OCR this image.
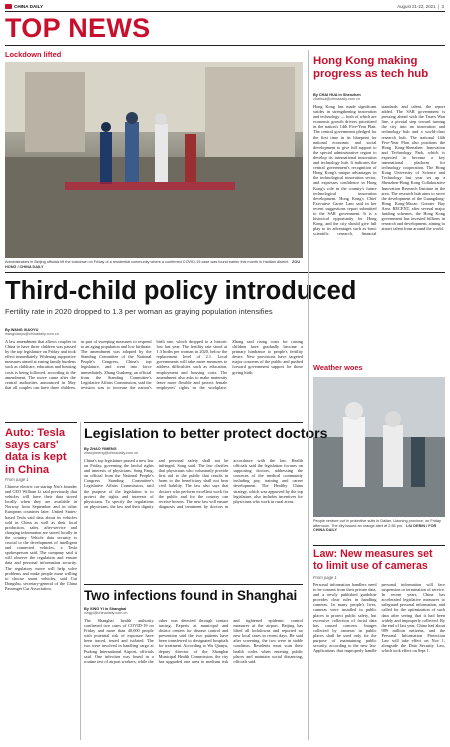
CHINA DAILY	August 21-22, 2021  |  3
TOP NEWS
Lockdown lifted
Administrators in Beijing officials lift the lockdown on Friday of a residential community where a confirmed COVID-19 case was found earlier this month in Haidian district. ZOU HONG / CHINA DAILY
Hong Kong making progress as tech hub
By CHAI HUA in Shenzhen
chaihua@chinadaily.com.cn
Hong Kong has made significant strides in strengthening innovation and technology — both of which are economic growth drivers prioritized in the nation's 14th Five-Year Plan. The central government pledged for the first time in its blueprint for national economic and social development to give full support to the special administrative region to develop its international innovation and technology hub. It indicates the central government's recognition of Hong Kong's unique advantages in the technological innovation sector, and expresses confidence in Hong Kong's role in the country's future technological innovation development. Hong Kong's Chief Executive Carrie Lam said in her recent suggestions report submitted to the SAR government. It is a historical opportunity for Hong Kong, and the city should give full play to its advantages such as basic scientific research, financial standards and talent, the report added. The SAR government is pressing ahead with the Tsuen Wan line, a pivotal step toward turning the city into an innovation and technology hub and a world-class research hub. The national 14th Five-Year Plan also positions the Hong Kong-Shenzhen Innovation and Technology Park, which is expected to become a key international platform for technology cooperation. The Hong Kong University of Science and Technology last year set up a Shenzhen-Hong Kong Collaborative Innovation Research Institute in the area. The research hub aims to serve the development of the Guangdong-Hong Kong-Macao Greater Bay Area. RECENT, after several major funding schemes, the Hong Kong government has invested billions in research and development, aiming to attract talent from around the world.
Weather woes
Third-child policy introduced
Fertility rate in 2020 dropped to 1.3 per woman as graying population intensifies
By WANG XIAOYU
wangxiaoyu@chinadaily.com.cn
A law amendment that allows couples in China to have three children was passed by the top legislature on Friday and took effect immediately. Widening supportive measures aimed at easing family burdens such as childcare, education and housing costs is being followed, according to the amendment. The move came after the central authorities announced in May that all couples can have three children, as part of sweeping measures to respond to an aging population and low birthrate. The amendment was adopted by the Standing Committee of the National People's Congress, China's top legislature, and went into force immediately. Zhang Gusheng, an official from the Standing Committee's Legislative Affairs Commission, said the revision was to increase the nation's birth rate, which dropped to a historic low last year. The fertility rate stood at 1.3 births per woman in 2020, below the replacement level of 2.1. Local governments will take more measures to address difficulties such as education, employment and housing costs. The amendment also asks to make maternity leave more flexible and protect female employees' rights in the workplace. Zhang said rising costs for raising children have gradually become a primary hindrance to people's fertility desire. New provisions have targeted major concerns of the public and pushed forward government support for those giving birth.
Auto: Tesla says cars' data is kept in China
From page 1
Chinese electric car startup Nio's founder and CEO William Li said previously that vehicles will have their data stored locally when they are available in Norway from September and in other European countries later. United States-based Tesla said data about its vehicles sold in China as well as their local production, sales, after-service and charging information are stored locally in the country. Vehicle data security is crucial to the development of intelligent and connected vehicles, a Tesla spokesperson said. The company said it will observe the regulation and ensure data and personal information security. The regulatory move will help solve problems and make people more willing to choose smart vehicles, said Cui Dongshu, secretary-general of the China Passenger Car Association.
Legislation to better protect doctors
By ZHAO YIMENG
zhaoyimeng@chinadaily.com.cn
China's top legislature passed a new law on Friday, governing the lawful rights and interests of physicians. Song Fang, an official from the National People's Congress Standing Committee's Legislative Affairs Commission, said the purpose of the legislation is to protect the rights and interests of physicians. To specify the regulations on physicians, the law and their dignity and personal safety shall not be infringed, Song said. The law clarifies that physicians who voluntarily provide first aid to the public that results in harm to the beneficiary shall not bear civil liability. The law also says that doctors who perform excellent work for the public and for the country can receive honors. The new law will ensure diagnosis and treatment by doctors in accordance with the law. Health officials said the legislation focuses on supporting doctors, addressing the concerns of the medical community including pay, training and career development. The Healthy China strategy, which was approved by the top legislature, also includes incentives for physicians who work in rural areas.
Two infections found in Shanghai
By XING YI in Shanghai
xingyi@chinadaily.com.cn
The Shanghai health authority confirmed two cases of COVID-19 on Friday and more than 40,000 people with potential risk of exposure have been traced, tested and isolated. The two were involved in handling cargo at Pudong International Airport, officials said. One infection was found in a routine test of airport workers, while the other was detected through contact tracing. Experts at municipal and district centers for disease control and prevention said the two patients have been transferred to designated hospitals for treatment. According to Wu Qianyu, deputy director of the Shanghai Municipal Health Commission, the city has upgraded one area to medium risk and tightened epidemic control measures at the airport. Beijing has lifted all lockdowns and reported no new local cases in recent days. He said after screening, the two were in stable condition. Residents must scan their health codes when entering public places and maintain social distancing, officials said.
People venture out in protective suits in Dalian, Liaoning province, on Friday afternoon. The city issued an orange alert at 2:55 pm. LIU DEBIN / FOR CHINA DAILY
Law: New measures set to limit use of cameras
From page 1
Personal information handlers need to be consent from their private data, and a newly published guideline provides clear rules in handling cameras. In many people's lives, cameras were installed in public places to protect public safety, but excessive collection of facial data has caused concern. Images collected by cameras in public places shall be used only for the purpose of maintaining public security, according to the new law. Applications that improperly handle personal information will face suspension or termination of service. In recent years, China has accelerated legislative measures to safeguard personal information, and called for the optimization of such data after seeing that it had been widely and improperly collected. By the end of last year, China had about 989 million netizens, and the Personal Information Protection Law will take effect on Nov 1, alongside the Data Security Law, which took effect on Sept 1.
